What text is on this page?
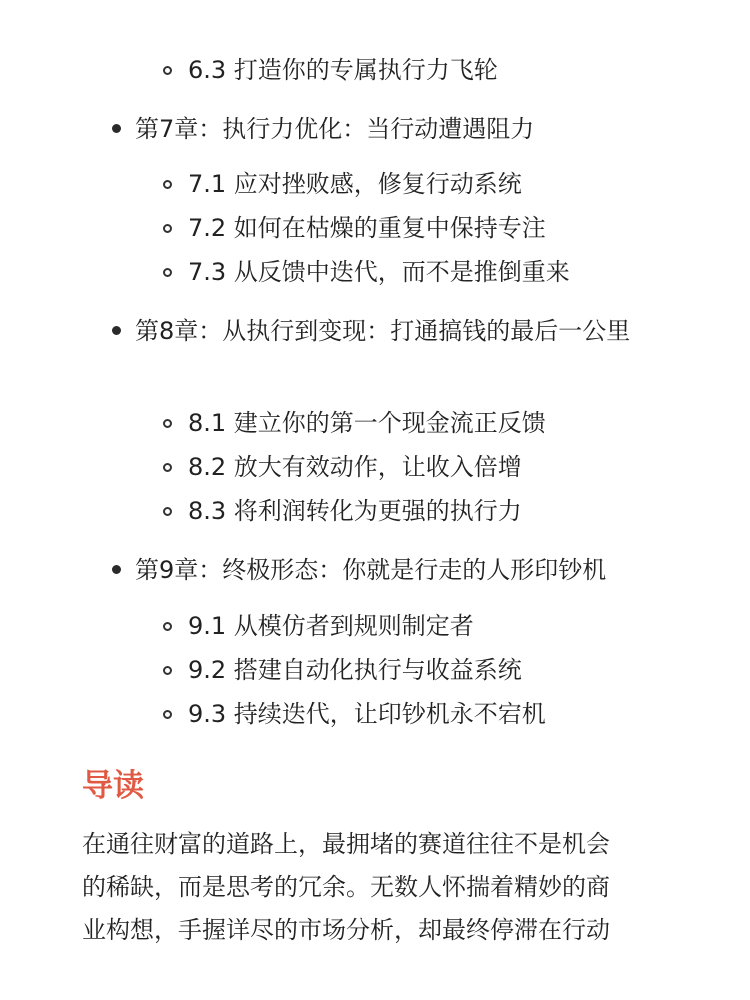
6.3 打造你的专属执行力飞轮
第7章：执行力优化：当行动遭遇阻力
7.1 应对挫败感，修复行动系统
7.2 如何在枯燥的重复中保持专注
7.3 从反馈中迭代，而不是推倒重来
第8章：从执行到变现：打通搞钱的最后一公里
8.1 建立你的第一个现金流正反馈
8.2 放大有效动作，让收入倍增
8.3 将利润转化为更强的执行力
第9章：终极形态：你就是行走的人形印钞机
9.1 从模仿者到规则制定者
9.2 搭建自动化执行与收益系统
9.3 持续迭代，让印钞机永不宕机
导读
在通往财富的道路上，最拥堵的赛道往往不是机会
的稀缺，而是思考的冗余。无数人怀揣着精妙的商
业构想，手握详尽的市场分析，却最终停滞在行动
